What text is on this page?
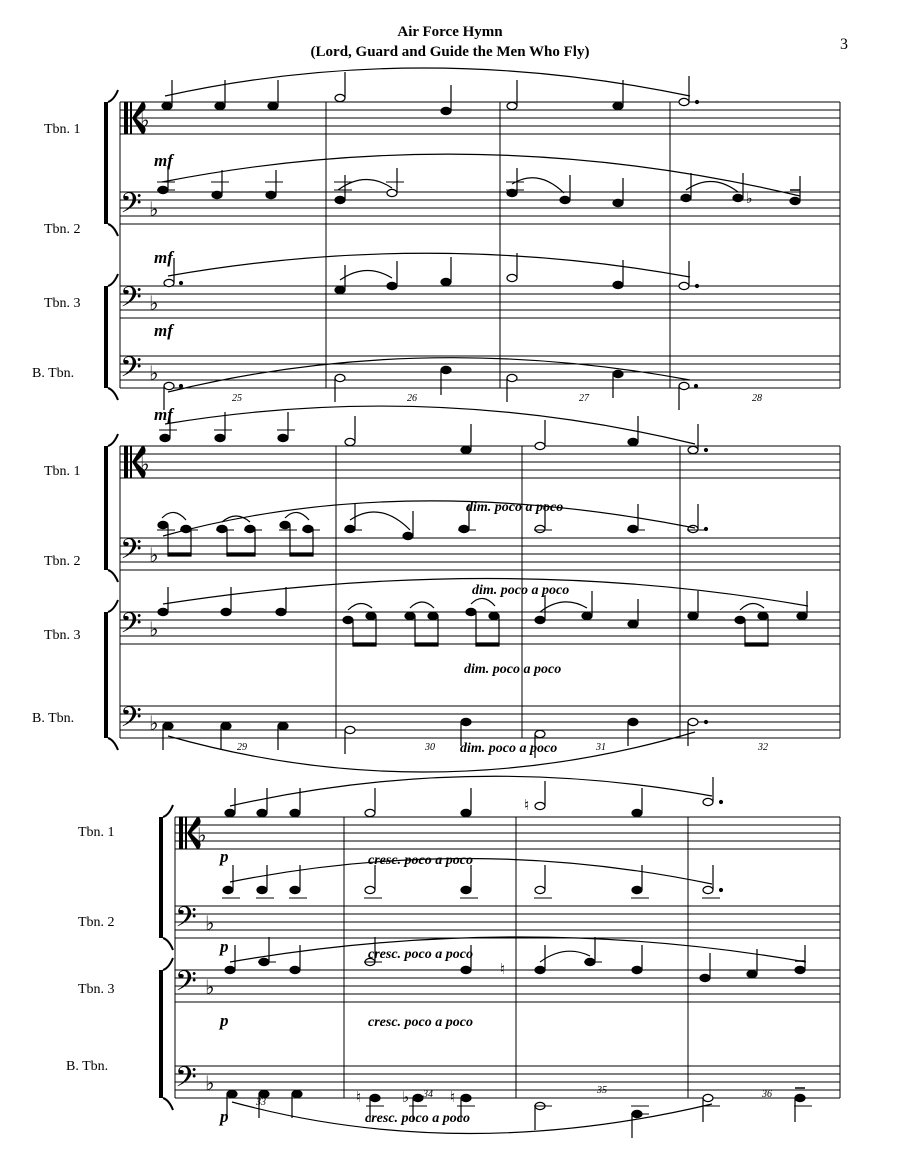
Air Force Hymn
(Lord, Guard and Guide the Men Who Fly)	3
♭
𝄢
𝄢
𝄢
♭
♭
♭
Tbn. 1
Tbn. 2
Tbn. 3
B. Tbn.
♭
mf
mf
mf
mf
25	26	27	28
♭
𝄢
𝄢
𝄢
♭
♭
♭
Tbn. 1
Tbn. 2
Tbn. 3
B. Tbn.
dim. poco a poco
dim. poco a poco
dim. poco a poco
dim. poco a poco
29	30	31	32
♭
𝄢
𝄢
𝄢
♭
♭
♭
Tbn. 1
Tbn. 2
Tbn. 3
B. Tbn.
♮
♮
♮	♭	♮
p
p
p
p
cresc. poco a poco
cresc. poco a poco
cresc. poco a poco
cresc. poco a poco
33
34	35	36
